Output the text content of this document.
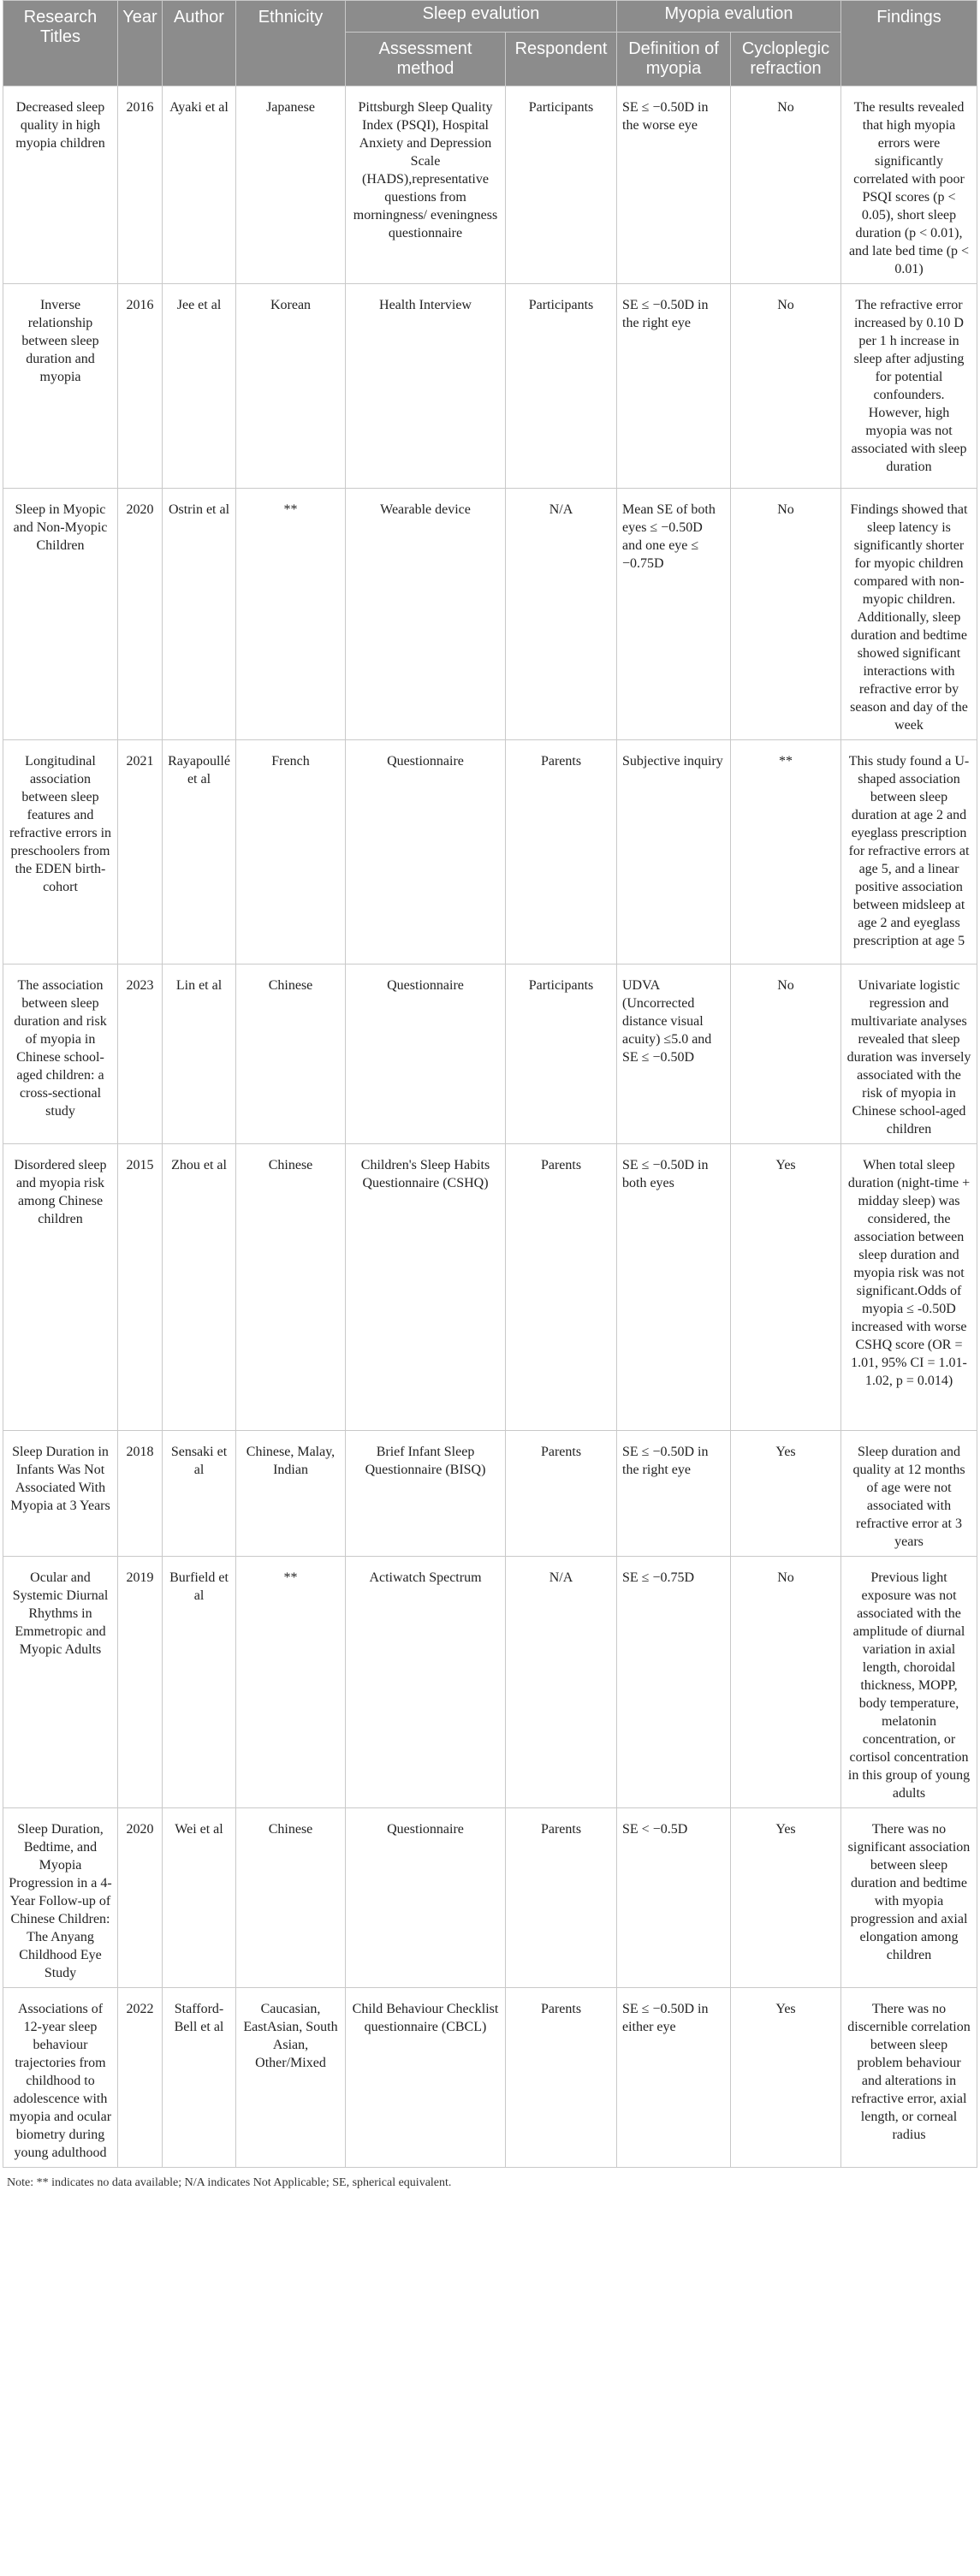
Research Titles	Year	Author	Ethnicity	Sleep evalution		Myopia evalution		Findings
				Assessment method	Respondent	Definition of myopia	Cycloplegic refraction	
Decreased sleep quality in high myopia children	2016	Ayaki et al	Japanese	Pittsburgh Sleep Quality Index (PSQI), Hospital Anxiety and Depression Scale (HADS),representative questions from morningness/ eveningness questionnaire	Participants	SE ≤ −0.50D in the worse eye	No	The results revealed that high myopia errors were significantly correlated with poor PSQI scores (p < 0.05), short sleep duration (p < 0.01), and late bed time (p < 0.01)
Inverse relationship between sleep duration and myopia	2016	Jee et al	Korean	Health Interview	Participants	SE ≤ −0.50D in the right eye	No	The refractive error increased by 0.10 D per 1 h increase in sleep after adjusting for potential confounders. However, high myopia was not associated with sleep duration
Sleep in Myopic and Non-Myopic Children	2020	Ostrin et al	**	Wearable device	N/A	Mean SE of both eyes ≤ −0.50D and one eye ≤ −0.75D	No	Findings showed that sleep latency is significantly shorter for myopic children compared with non-myopic children. Additionally, sleep duration and bedtime showed significant interactions with refractive error by season and day of the week
Longitudinal association between sleep features and refractive errors in preschoolers from the EDEN birth-cohort	2021	Rayapoullé et al	French	Questionnaire	Parents	Subjective inquiry	**	This study found a U-shaped association between sleep duration at age 2 and eyeglass prescription for refractive errors at age 5, and a linear positive association between midsleep at age 2 and eyeglass prescription at age 5
The association between sleep duration and risk of myopia in Chinese school-aged children: a cross-sectional study	2023	Lin et al	Chinese	Questionnaire	Participants	UDVA (Uncorrected distance visual acuity) ≤5.0 and SE ≤ −0.50D	No	Univariate logistic regression and multivariate analyses revealed that sleep duration was inversely associated with the risk of myopia in Chinese school-aged children
Disordered sleep and myopia risk among Chinese children	2015	Zhou et al	Chinese	Children's Sleep Habits Questionnaire (CSHQ)	Parents	SE ≤ −0.50D in both eyes	Yes	When total sleep duration (night-time + midday sleep) was considered, the association between sleep duration and myopia risk was not significant.Odds of myopia ≤ -0.50D increased with worse CSHQ score (OR = 1.01, 95% CI = 1.01-1.02, p = 0.014)
Sleep Duration in Infants Was Not Associated With Myopia at 3 Years	2018	Sensaki et al	Chinese, Malay, Indian	Brief Infant Sleep Questionnaire (BISQ)	Parents	SE ≤ −0.50D in the right eye	Yes	Sleep duration and quality at 12 months of age were not associated with refractive error at 3 years
Ocular and Systemic Diurnal Rhythms in Emmetropic and Myopic Adults	2019	Burfield et al	**	Actiwatch Spectrum	N/A	SE ≤ −0.75D	No	Previous light exposure was not associated with the amplitude of diurnal variation in axial length, choroidal thickness, MOPP, body temperature, melatonin concentration, or cortisol concentration in this group of young adults
Sleep Duration, Bedtime, and Myopia Progression in a 4-Year Follow-up of Chinese Children: The Anyang Childhood Eye Study	2020	Wei et al	Chinese	Questionnaire	Parents	SE < −0.5D	Yes	There was no significant association between sleep duration and bedtime with myopia progression and axial elongation among children
Associations of 12-year sleep behaviour trajectories from childhood to adolescence with myopia and ocular biometry during young adulthood	2022	Stafford-Bell et al	Caucasian, EastAsian, South Asian, Other/Mixed	Child Behaviour Checklist questionnaire (CBCL)	Parents	SE ≤ −0.50D in either eye	Yes	There was no discernible correlation between sleep problem behaviour and alterations in refractive error, axial length, or corneal radius
Note: ** indicates no data available; N/A indicates Not Applicable; SE, spherical equivalent.
